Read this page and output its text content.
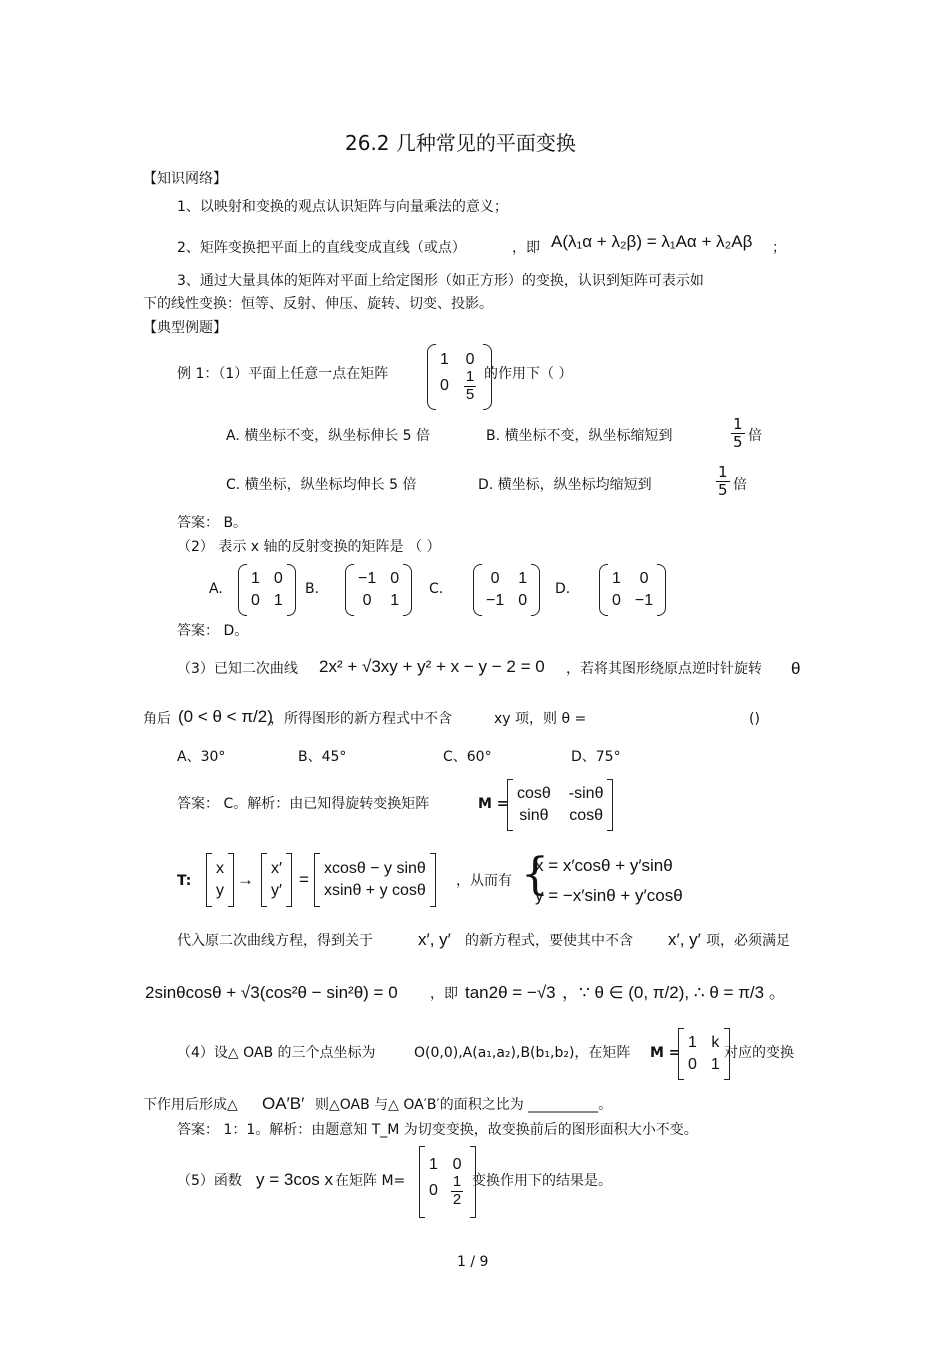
26.2 几种常见的平面变换
【知识网络】
1、以映射和变换的观点认识矩阵与向量乘法的意义；
2、矩阵变换把平面上的直线变成直线（或点）	，即 A(λ₁α + λ₂β) = λ₁Aα + λ₂Aβ ；
3、通过大量具体的矩阵对平面上给定图形（如正方形）的变换，认识到矩阵可表示如
下的线性变换：恒等、反射、伸压、旋转、切变、投影。
【典型例题】
例 1：（1）平面上任意一点在矩阵
1 0
$0 \frac{1}{5}$ 的作用下（ ）
A. 横坐标不变，纵坐标伸长 5 倍	B. 横坐标不变，纵坐标缩短到	$\frac{1}{5}$ 倍
C. 横坐标，纵坐标均伸长 5 倍	D. 横坐标，纵坐标均缩短到	$\frac{1}{5}$ 倍
答案： B。
（2） 表示 x 轴的反射变换的矩阵是 （ ）
A.
1 0
0 1
B.
−1 0
0 1
C.
0 1
−1 0
D.
1 0
0 −1
答案： D。
（3）已知二次曲线 2x² + √3xy + y² + x − y − 2 = 0 ，若将其图形绕原点逆时针旋转 θ
角后 (0 < θ < π/2)
，所得图形的新方程式中不含	xy 项，则 θ =	()
A、30°	B、45°	C、60°	D、75°
答案： C。解析：由已知得旋转变换矩阵	M =
cosθ -sinθ
sinθ cosθ
T:
x
y
→
x′
y′
=
xcosθ − y sinθ
xsinθ + y cosθ
，从而有 {
x = x′cosθ + y′sinθ
y = −x′sinθ + y′cosθ
代入原二次曲线方程，得到关于	x′, y′ 的新方程式，要使其中不含 x′, y′ 项，必须满足
2sinθcosθ + √3(cos²θ − sin²θ) = 0 ，即 tan2θ = −√3 ，∵ θ ∈ (0, π/2), ∴ θ = π/3 。
（4）设△ OAB 的三个点坐标为	O(0,0),A(a₁,a₂),B(b₁,b₂)，在矩阵 M =
1 k
0 1
对应的变换
下作用后形成△ OA′B′ 则△OAB 与△ OA′B′的面积之比为 __________。
答案： 1：1。解析：由题意知 T_M 为切变变换，故变换前后的图形面积大小不变。
（5）函数 y = 3cos x 在矩阵 M=
1 0
$0 \frac{1}{2}$ 变换作用下的结果是。
1 / 9
